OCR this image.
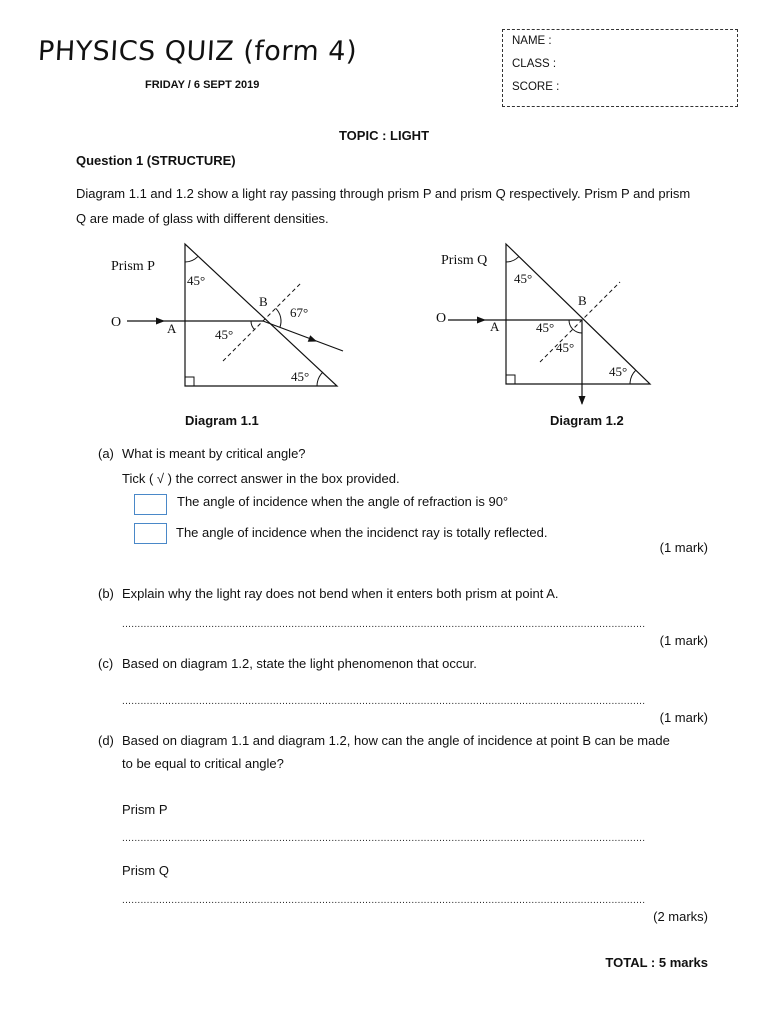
PHYSICS QUIZ (form 4)
FRIDAY / 6 SEPT 2019
NAME :
CLASS :
SCORE :
TOPIC : LIGHT
Question 1 (STRUCTURE)
Diagram 1.1 and 1.2 show a light ray passing through prism P and prism Q respectively. Prism P and prism Q are made of glass with different densities.
Prism P
45°
B
67°
O	A	45°
45°
Prism Q
45°
B
O
A	45°
45°
45°
Diagram 1.1	Diagram 1.2
(a) What is meant by critical angle?
Tick ( √ ) the correct answer in the box provided.
The angle of incidence when the angle of refraction is 90°
The angle of incidence when the incidenct ray is totally reflected.
(1 mark)
(b) Explain why the light ray does not bend when it enters both prism at point A.
..........................................................................................................................................................................
(1 mark)
(c) Based on diagram 1.2, state the light phenomenon that occur.
..........................................................................................................................................................................
(1 mark)
(d) Based on diagram 1.1 and diagram 1.2, how can the angle of incidence at point B can be made
to be equal to critical angle?
Prism P
..........................................................................................................................................................................
Prism Q
..........................................................................................................................................................................
(2 marks)
TOTAL : 5 marks
